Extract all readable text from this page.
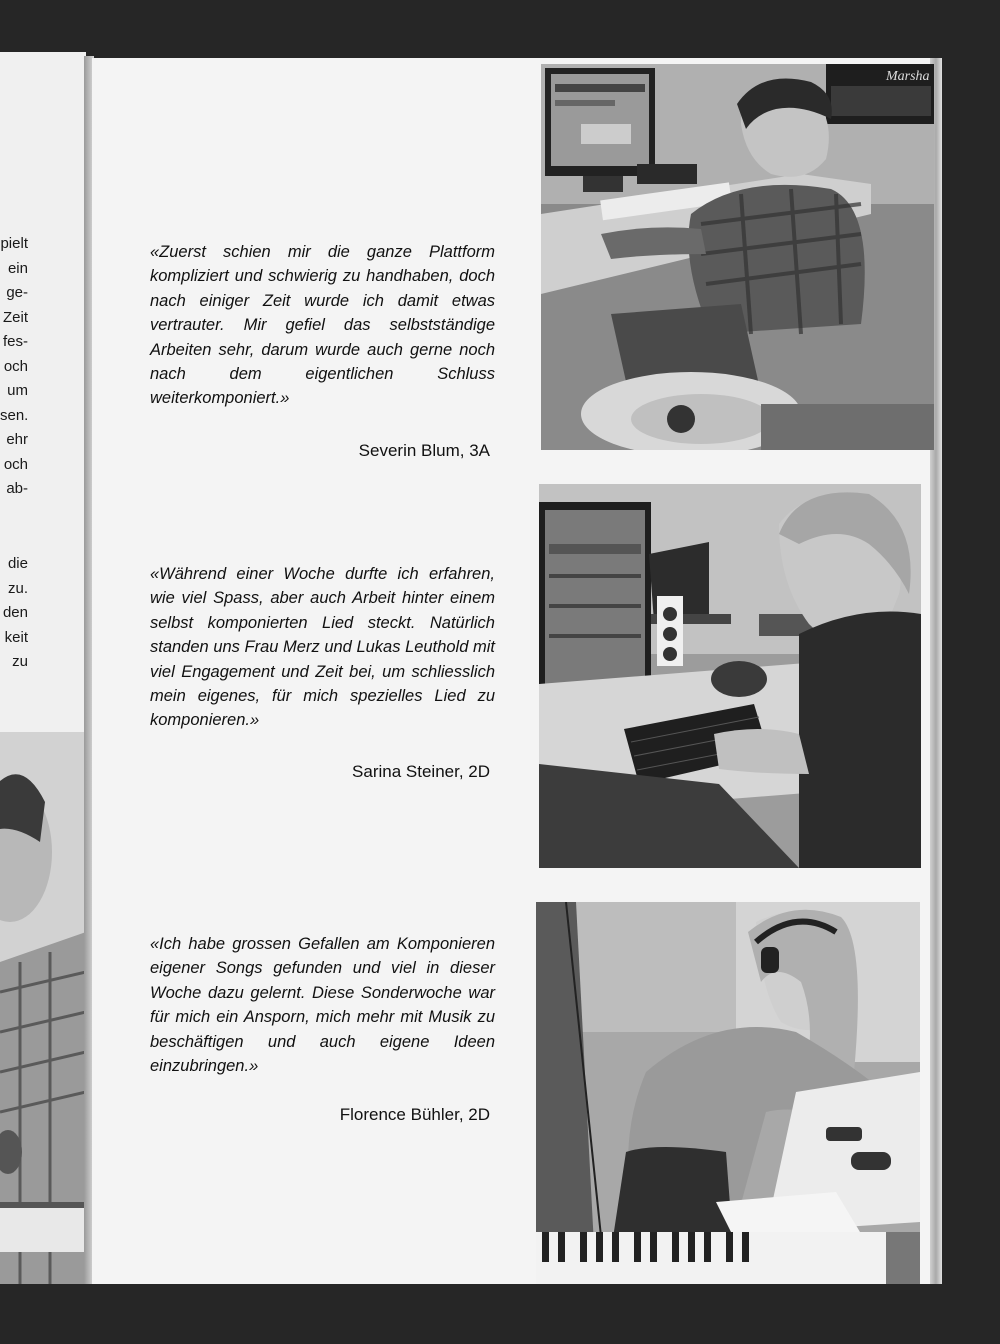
pielt
ein
ge-
Zeit
fes-
och
um
sen.
ehr
och
ab-
die
zu.
den
keit
zu
«Zuerst schien mir die ganze Plattform kompliziert und schwierig zu handhaben, doch nach einiger Zeit wurde ich damit etwas vertrauter. Mir gefiel das selbstständige Arbeiten sehr, darum wurde auch gerne noch nach dem eigentlichen Schluss weiterkomponiert.»
Severin Blum, 3A
«Während einer Woche durfte ich erfahren, wie viel Spass, aber auch Arbeit hinter einem selbst komponierten Lied steckt. Natürlich standen uns Frau Merz und Lukas Leuthold mit viel Engagement und Zeit bei, um schliesslich mein eigenes, für mich spezielles Lied zu komponieren.»
Sarina Steiner, 2D
«Ich habe grossen Gefallen am Komponieren eigener Songs gefunden und viel in dieser Woche dazu gelernt. Diese Sonderwoche war für mich ein Ansporn, mich mehr mit Musik zu beschäftigen und auch eigene Ideen einzubringen.»
Florence Bühler, 2D
Marsha
